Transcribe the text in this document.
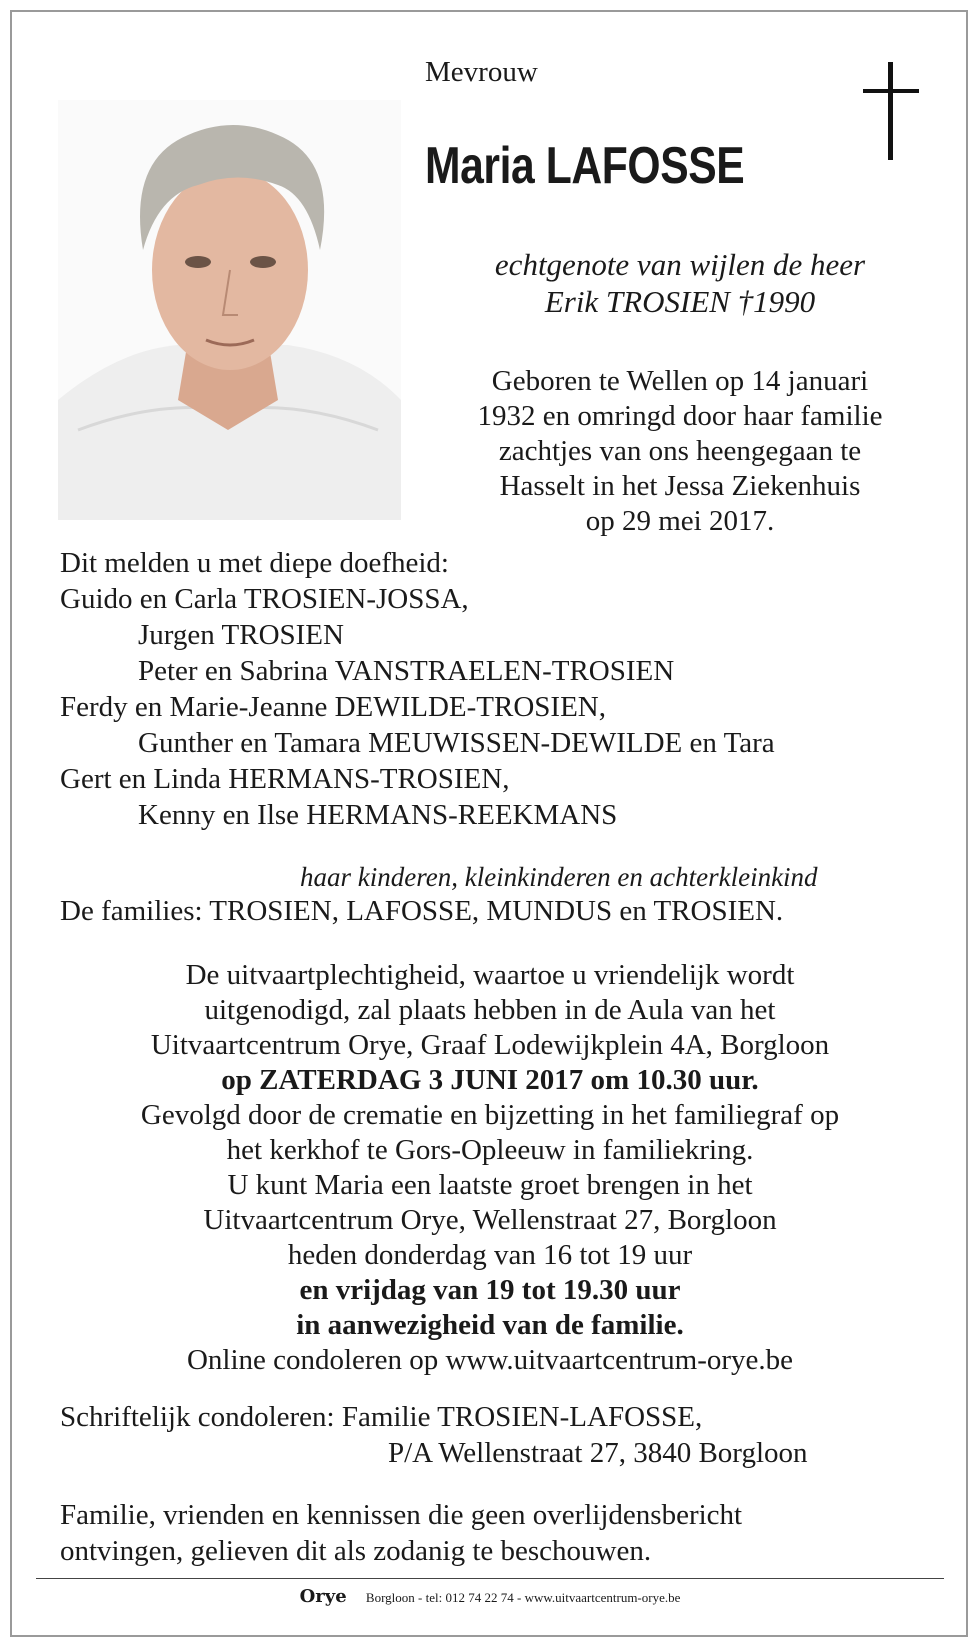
Mevrouw
Maria LAFOSSE
echtgenote van wijlen de heer
Erik TROSIEN †1990
Geboren te Wellen op 14 januari
1932 en omringd door haar familie
zachtjes van ons heengegaan te
Hasselt in het Jessa Ziekenhuis
op 29 mei 2017.
Dit melden u met diepe doefheid:
Guido en Carla TROSIEN-JOSSA,
Jurgen TROSIEN
Peter en Sabrina VANSTRAELEN-TROSIEN
Ferdy en Marie-Jeanne DEWILDE-TROSIEN,
Gunther en Tamara MEUWISSEN-DEWILDE en Tara
Gert en Linda HERMANS-TROSIEN,
Kenny en Ilse HERMANS-REEKMANS
haar kinderen, kleinkinderen en achterkleinkind
De families: TROSIEN, LAFOSSE, MUNDUS en TROSIEN.
De uitvaartplechtigheid, waartoe u vriendelijk wordt
uitgenodigd, zal plaats hebben in de Aula van het
Uitvaartcentrum Orye, Graaf Lodewijkplein 4A, Borgloon
op ZATERDAG 3 JUNI 2017 om 10.30 uur.
Gevolgd door de crematie en bijzetting in het familiegraf op
het kerkhof te Gors-Opleeuw in familiekring.
U kunt Maria een laatste groet brengen in het
Uitvaartcentrum Orye, Wellenstraat 27, Borgloon
heden donderdag van 16 tot 19 uur
en vrijdag van 19 tot 19.30 uur
in aanwezigheid van de familie.
Online condoleren op www.uitvaartcentrum-orye.be
Schriftelijk condoleren: Familie TROSIEN-LAFOSSE,
P/A Wellenstraat 27, 3840 Borgloon
Familie, vrienden en kennissen die geen overlijdensbericht
ontvingen, gelieven dit als zodanig te beschouwen.
Orye Borgloon - tel: 012 74 22 74 - www.uitvaartcentrum-orye.be
